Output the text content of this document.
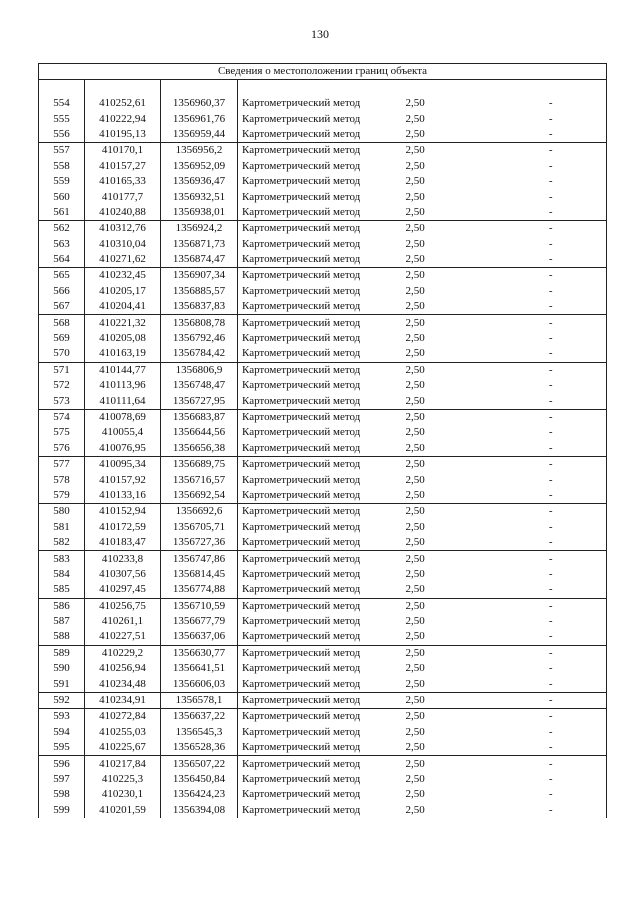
130
Сведения о местоположении границ объекта					

554	410252,61	1356960,37	Картометрический метод	2,50	-
555	410222,94	1356961,76	Картометрический метод	2,50	-
556	410195,13	1356959,44	Картометрический метод	2,50	-
557	410170,1	1356956,2	Картометрический метод	2,50	-
558	410157,27	1356952,09	Картометрический метод	2,50	-
559	410165,33	1356936,47	Картометрический метод	2,50	-
560	410177,7	1356932,51	Картометрический метод	2,50	-
561	410240,88	1356938,01	Картометрический метод	2,50	-
562	410312,76	1356924,2	Картометрический метод	2,50	-
563	410310,04	1356871,73	Картометрический метод	2,50	-
564	410271,62	1356874,47	Картометрический метод	2,50	-
565	410232,45	1356907,34	Картометрический метод	2,50	-
566	410205,17	1356885,57	Картометрический метод	2,50	-
567	410204,41	1356837,83	Картометрический метод	2,50	-
568	410221,32	1356808,78	Картометрический метод	2,50	-
569	410205,08	1356792,46	Картометрический метод	2,50	-
570	410163,19	1356784,42	Картометрический метод	2,50	-
571	410144,77	1356806,9	Картометрический метод	2,50	-
572	410113,96	1356748,47	Картометрический метод	2,50	-
573	410111,64	1356727,95	Картометрический метод	2,50	-
574	410078,69	1356683,87	Картометрический метод	2,50	-
575	410055,4	1356644,56	Картометрический метод	2,50	-
576	410076,95	1356656,38	Картометрический метод	2,50	-
577	410095,34	1356689,75	Картометрический метод	2,50	-
578	410157,92	1356716,57	Картометрический метод	2,50	-
579	410133,16	1356692,54	Картометрический метод	2,50	-
580	410152,94	1356692,6	Картометрический метод	2,50	-
581	410172,59	1356705,71	Картометрический метод	2,50	-
582	410183,47	1356727,36	Картометрический метод	2,50	-
583	410233,8	1356747,86	Картометрический метод	2,50	-
584	410307,56	1356814,45	Картометрический метод	2,50	-
585	410297,45	1356774,88	Картометрический метод	2,50	-
586	410256,75	1356710,59	Картометрический метод	2,50	-
587	410261,1	1356677,79	Картометрический метод	2,50	-
588	410227,51	1356637,06	Картометрический метод	2,50	-
589	410229,2	1356630,77	Картометрический метод	2,50	-
590	410256,94	1356641,51	Картометрический метод	2,50	-
591	410234,48	1356606,03	Картометрический метод	2,50	-
592	410234,91	1356578,1	Картометрический метод	2,50	-
593	410272,84	1356637,22	Картометрический метод	2,50	-
594	410255,03	1356545,3	Картометрический метод	2,50	-
595	410225,67	1356528,36	Картометрический метод	2,50	-
596	410217,84	1356507,22	Картометрический метод	2,50	-
597	410225,3	1356450,84	Картометрический метод	2,50	-
598	410230,1	1356424,23	Картометрический метод	2,50	-
599	410201,59	1356394,08	Картометрический метод	2,50	-
